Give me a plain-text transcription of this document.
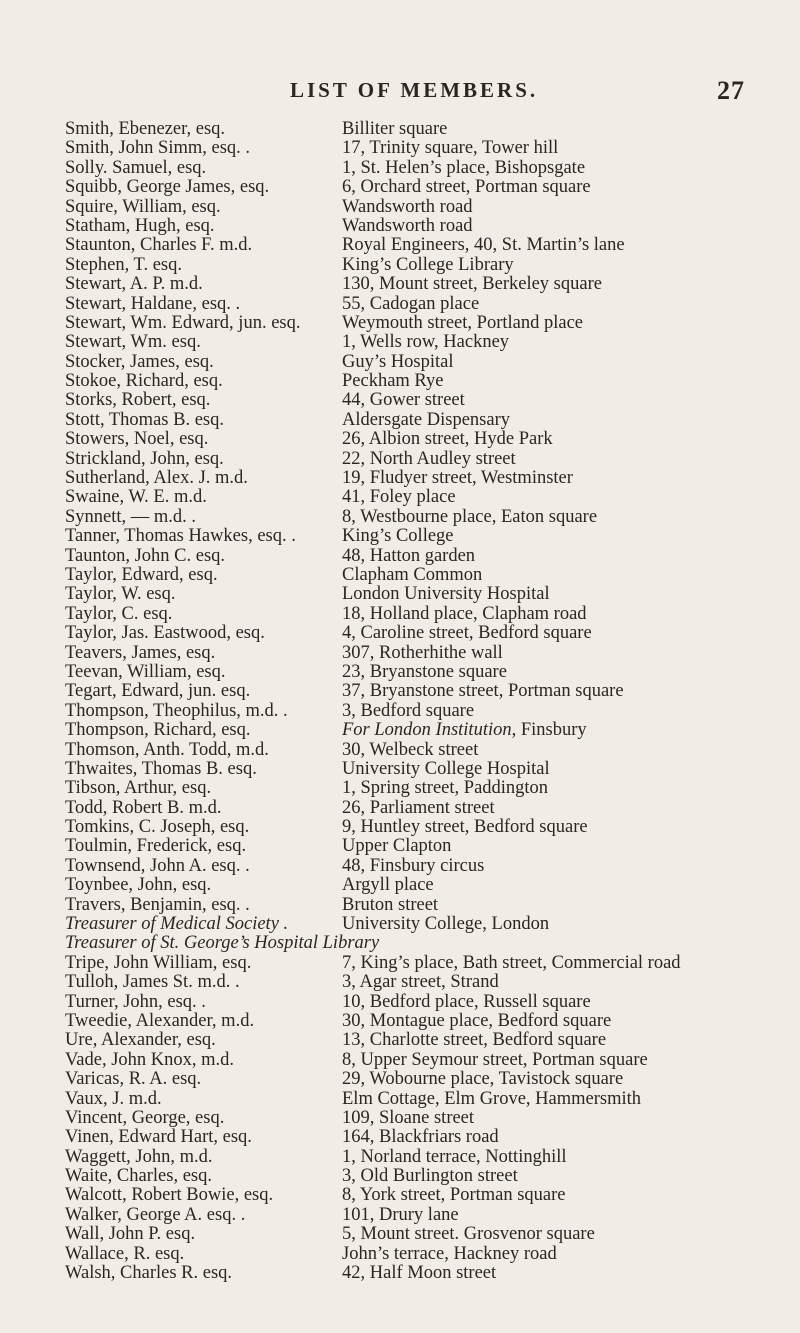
LIST OF MEMBERS.	27
Smith, Ebenezer, esq.	Billiter square
Smith, John Simm, esq. .	17, Trinity square, Tower hill
Solly. Samuel, esq.	1, St. Helen’s place, Bishopsgate
Squibb, George James, esq.	6, Orchard street, Portman square
Squire, William, esq.	Wandsworth road
Statham, Hugh, esq.	Wandsworth road
Staunton, Charles F. m.d.	Royal Engineers, 40, St. Martin’s lane
Stephen, T. esq.	King’s College Library
Stewart, A. P. m.d.	130, Mount street, Berkeley square
Stewart, Haldane, esq. .	55, Cadogan place
Stewart, Wm. Edward, jun. esq. Weymouth street, Portland place
Stewart, Wm. esq.	1, Wells row, Hackney
Stocker, James, esq.	Guy’s Hospital
Stokoe, Richard, esq.	Peckham Rye
Storks, Robert, esq.	44, Gower street
Stott, Thomas B. esq.	Aldersgate Dispensary
Stowers, Noel, esq.	26, Albion street, Hyde Park
Strickland, John, esq.	22, North Audley street
Sutherland, Alex. J. m.d.	19, Fludyer street, Westminster
Swaine, W. E. m.d.	41, Foley place
Synnett, — m.d. .	8, Westbourne place, Eaton square
Tanner, Thomas Hawkes, esq. . King’s College
Taunton, John C. esq.	48, Hatton garden
Taylor, Edward, esq.	Clapham Common
Taylor, W. esq.	London University Hospital
Taylor, C. esq.	18, Holland place, Clapham road
Taylor, Jas. Eastwood, esq.	4, Caroline street, Bedford square
Teavers, James, esq.	307, Rotherhithe wall
Teevan, William, esq.	23, Bryanstone square
Tegart, Edward, jun. esq.	37, Bryanstone street, Portman square
Thompson, Theophilus, m.d. .	3, Bedford square
Thompson, Richard, esq.	For London Institution, Finsbury
Thomson, Anth. Todd, m.d.	30, Welbeck street
Thwaites, Thomas B. esq.	University College Hospital
Tibson, Arthur, esq.	1, Spring street, Paddington
Todd, Robert B. m.d.	26, Parliament street
Tomkins, C. Joseph, esq.	9, Huntley street, Bedford square
Toulmin, Frederick, esq.	Upper Clapton
Townsend, John A. esq. .	48, Finsbury circus
Toynbee, John, esq.	Argyll place
Travers, Benjamin, esq. .	Bruton street
Treasurer of Medical Society .	University College, London
Treasurer of St. George’s Hospital Library
Tripe, John William, esq.	7, King’s place, Bath street, Commercial road
Tulloh, James St. m.d. .	3, Agar street, Strand
Turner, John, esq. .	10, Bedford place, Russell square
Tweedie, Alexander, m.d.	30, Montague place, Bedford square
Ure, Alexander, esq.	13, Charlotte street, Bedford square
Vade, John Knox, m.d.	8, Upper Seymour street, Portman square
Varicas, R. A. esq.	29, Wobourne place, Tavistock square
Vaux, J. m.d.	Elm Cottage, Elm Grove, Hammersmith
Vincent, George, esq.	109, Sloane street
Vinen, Edward Hart, esq.	164, Blackfriars road
Waggett, John, m.d.	1, Norland terrace, Nottinghill
Waite, Charles, esq.	3, Old Burlington street
Walcott, Robert Bowie, esq.	8, York street, Portman square
Walker, George A. esq. .	101, Drury lane
Wall, John P. esq.	5, Mount street. Grosvenor square
Wallace, R. esq.	John’s terrace, Hackney road
Walsh, Charles R. esq.	42, Half Moon street
